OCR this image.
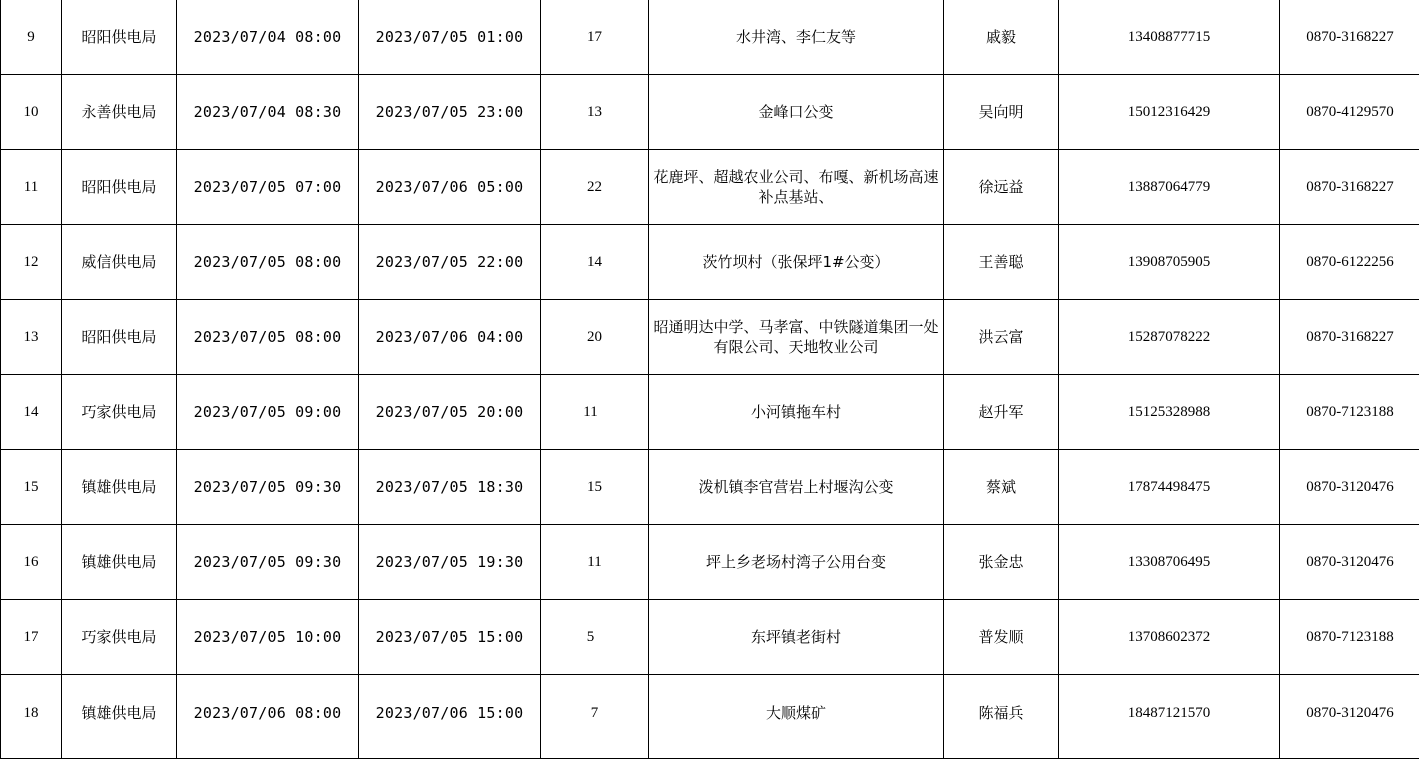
9	昭阳供电局	2023/07/04 08:00	2023/07/05 01:00	17	水井湾、李仁友等	戚毅	13408877715	0870-3168227
10	永善供电局	2023/07/04 08:30	2023/07/05 23:00	13	金峰口公变	吴向明	15012316429	0870-4129570
11	昭阳供电局	2023/07/05 07:00	2023/07/06 05:00	22	花鹿坪、超越农业公司、布嘎、新机场高速补点基站、	徐远益	13887064779	0870-3168227
12	威信供电局	2023/07/05 08:00	2023/07/05 22:00	14	茨竹坝村（张保坪1#公变）	王善聪	13908705905	0870-6122256
13	昭阳供电局	2023/07/05 08:00	2023/07/06 04:00	20	昭通明达中学、马孝富、中铁隧道集团一处有限公司、天地牧业公司	洪云富	15287078222	0870-3168227
14	巧家供电局	2023/07/05 09:00	2023/07/05 20:00	11	小河镇拖车村	赵升军	15125328988	0870-7123188
15	镇雄供电局	2023/07/05 09:30	2023/07/05 18:30	15	泼机镇李官营岩上村堰沟公变	蔡斌	17874498475	0870-3120476
16	镇雄供电局	2023/07/05 09:30	2023/07/05 19:30	11	坪上乡老场村湾子公用台变	张金忠	13308706495	0870-3120476
17	巧家供电局	2023/07/05 10:00	2023/07/05 15:00	5	东坪镇老街村	普发顺	13708602372	0870-7123188
18	镇雄供电局	2023/07/06 08:00	2023/07/06 15:00	7	大顺煤矿	陈福兵	18487121570	0870-3120476
